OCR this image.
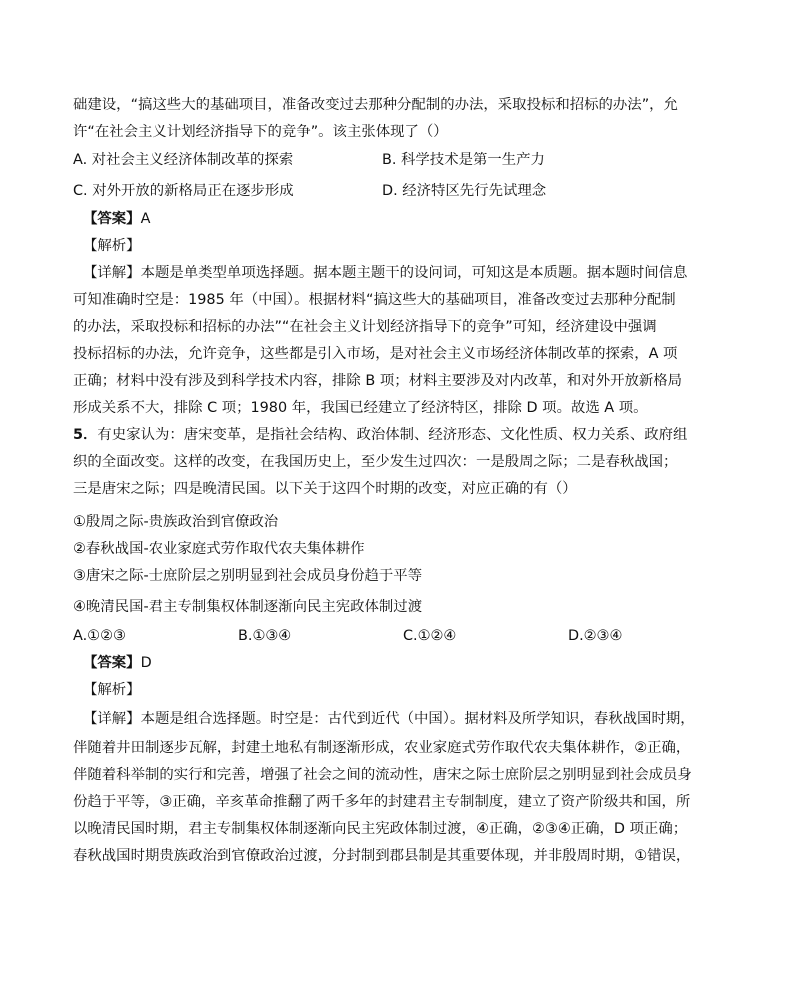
础建设，“搞这些大的基础项目，准备改变过去那种分配制的办法，采取投标和招标的办法”，允
许“在社会主义计划经济指导下的竞争”。该主张体现了（）
A. 对社会主义经济体制改革的探索	B. 科学技术是第一生产力
C. 对外开放的新格局正在逐步形成	D. 经济特区先行先试理念
【答案】A
【解析】
【详解】本题是单类型单项选择题。据本题主题干的设问词，可知这是本质题。据本题时间信息
可知准确时空是：1985 年（中国）。根据材料“搞这些大的基础项目，准备改变过去那种分配制
的办法，采取投标和招标的办法”“在社会主义计划经济指导下的竞争”可知，经济建设中强调
投标招标的办法，允许竞争，这些都是引入市场，是对社会主义市场经济体制改革的探索，A 项
正确；材料中没有涉及到科学技术内容，排除 B 项；材料主要涉及对内改革，和对外开放新格局
形成关系不大，排除 C 项；1980 年，我国已经建立了经济特区，排除 D 项。故选 A 项。
5．有史家认为：唐宋变革，是指社会结构、政治体制、经济形态、文化性质、权力关系、政府组
织的全面改变。这样的改变，在我国历史上，至少发生过四次：一是殷周之际；二是春秋战国；
三是唐宋之际；四是晚清民国。以下关于这四个时期的改变，对应正确的有（）
①殷周之际-贵族政治到官僚政治
②春秋战国-农业家庭式劳作取代农夫集体耕作
③唐宋之际-士庶阶层之别明显到社会成员身份趋于平等
④晚清民国-君主专制集权体制逐渐向民主宪政体制过渡
A.①②③	B.①③④	C.①②④	D.②③④
【答案】D
【解析】
【详解】本题是组合选择题。时空是：古代到近代（中国）。据材料及所学知识，春秋战国时期，
伴随着井田制逐步瓦解，封建土地私有制逐渐形成，农业家庭式劳作取代农夫集体耕作，②正确，
伴随着科举制的实行和完善，增强了社会之间的流动性，唐宋之际士庶阶层之别明显到社会成员身
份趋于平等，③正确，辛亥革命推翻了两千多年的封建君主专制制度，建立了资产阶级共和国，所
以晚清民国时期，君主专制集权体制逐渐向民主宪政体制过渡，④正确，②③④正确，D 项正确；
春秋战国时期贵族政治到官僚政治过渡，分封制到郡县制是其重要体现，并非殷周时期，①错误，
